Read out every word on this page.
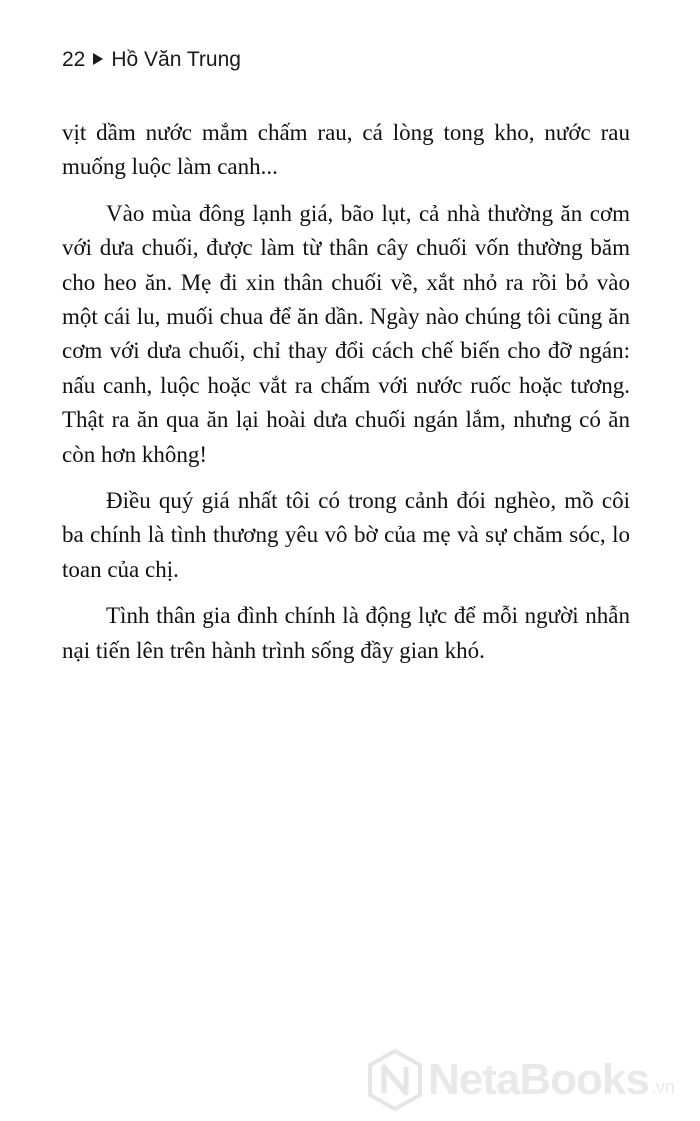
22 Hồ Văn Trung

vịt dầm nước mắm chấm rau, cá lòng tong kho, nước rau muống luộc làm canh...

Vào mùa đông lạnh giá, bão lụt, cả nhà thường ăn cơm với dưa chuối, được làm từ thân cây chuối vốn thường băm cho heo ăn. Mẹ đi xin thân chuối về, xắt nhỏ ra rồi bỏ vào một cái lu, muối chua để ăn dần. Ngày nào chúng tôi cũng ăn cơm với dưa chuối, chỉ thay đổi cách chế biến cho đỡ ngán: nấu canh, luộc hoặc vắt ra chấm với nước ruốc hoặc tương. Thật ra ăn qua ăn lại hoài dưa chuối ngán lắm, nhưng có ăn còn hơn không!

Điều quý giá nhất tôi có trong cảnh đói nghèo, mồ côi ba chính là tình thương yêu vô bờ của mẹ và sự chăm sóc, lo toan của chị.

Tình thân gia đình chính là động lực để mỗi người nhẫn nại tiến lên trên hành trình sống đầy gian khó.

NetaBooks .vn
